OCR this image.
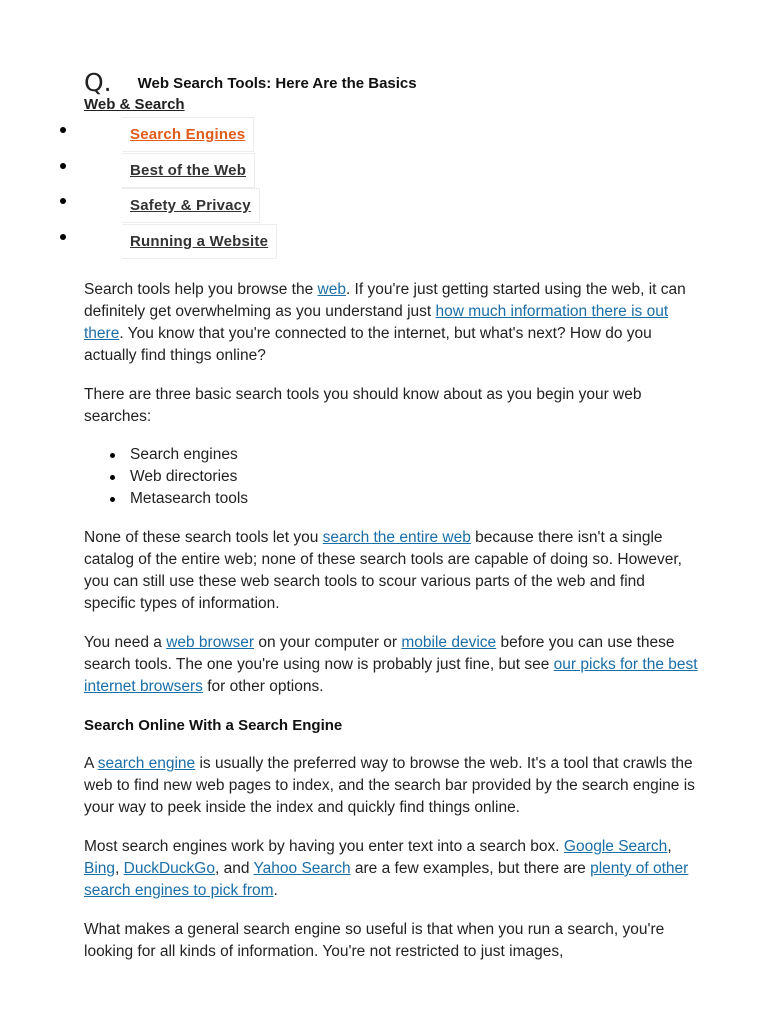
Q. Web Search Tools: Here Are the Basics
Web & Search
Search Engines
Best of the Web
Safety & Privacy
Running a Website

Search tools help you browse the web. If you're just getting started using the web, it can definitely get overwhelming as you understand just how much information there is out there. You know that you're connected to the internet, but what's next? How do you actually find things online?

There are three basic search tools you should know about as you begin your web searches:

Search engines
Web directories
Metasearch tools

None of these search tools let you search the entire web because there isn't a single catalog of the entire web; none of these search tools are capable of doing so. However, you can still use these web search tools to scour various parts of the web and find specific types of information.

You need a web browser on your computer or mobile device before you can use these search tools. The one you're using now is probably just fine, but see our picks for the best internet browsers for other options.

Search Online With a Search Engine

A search engine is usually the preferred way to browse the web. It's a tool that crawls the web to find new web pages to index, and the search bar provided by the search engine is your way to peek inside the index and quickly find things online.

Most search engines work by having you enter text into a search box. Google Search, Bing, DuckDuckGo, and Yahoo Search are a few examples, but there are plenty of other search engines to pick from.

What makes a general search engine so useful is that when you run a search, you're looking for all kinds of information. You're not restricted to just images,
